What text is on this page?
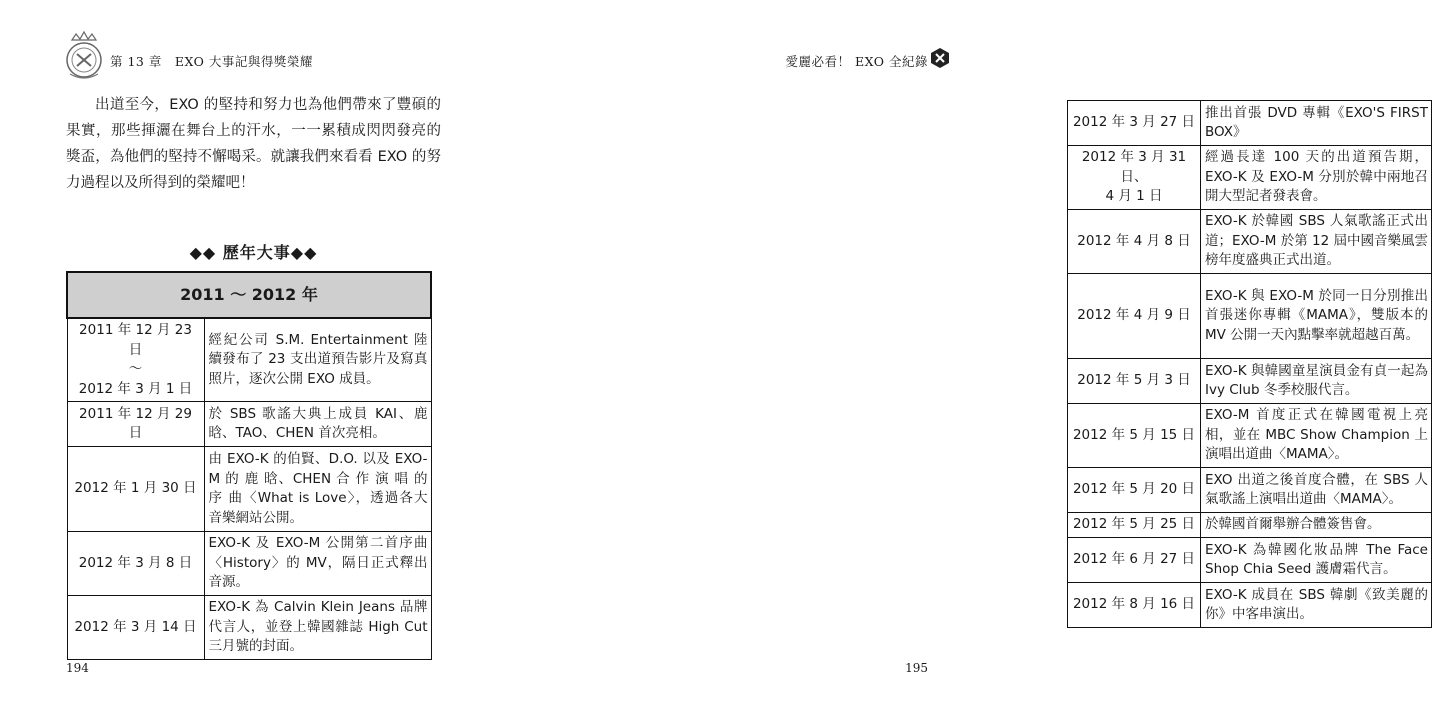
第 13 章　EXO 大事記與得獎榮耀
出道至今，EXO 的堅持和努力也為他們帶來了豐碩的果實，那些揮灑在舞台上的汗水，一一累積成閃閃發亮的獎盃，為他們的堅持不懈喝采。就讓我們來看看 EXO 的努力過程以及所得到的榮耀吧！
◆◆ 歷年大事◆◆
2011 ～ 2012 年	
2011 年 12 月 23 日
～
2012 年 3 月 1 日	經紀公司 S.M. Entertainment 陸續發布了 23 支出道預告影片及寫真照片，逐次公開 EXO 成員。
2011 年 12 月 29 日	於 SBS 歌謠大典上成員 KAI、鹿晗、TAO、CHEN 首次亮相。
2012 年 1 月 30 日	由 EXO-K 的伯賢、D.O. 以及 EXO-M 的 鹿 晗、CHEN 合 作 演 唱 的 序 曲〈What is Love〉，透過各大音樂網站公開。
2012 年 3 月 8 日	EXO-K 及 EXO-M 公開第二首序曲〈History〉的 MV，隔日正式釋出音源。
2012 年 3 月 14 日	EXO-K 為 Calvin Klein Jeans 品牌代言人，並登上韓國雜誌 High Cut 三月號的封面。
194
愛麗必看！ EXO 全紀錄
2012 年 3 月 27 日	推出首張 DVD 專輯《EXO'S FIRST BOX》
2012 年 3 月 31 日、
4 月 1 日	經過長達 100 天的出道預告期，EXO-K 及 EXO-M 分別於韓中兩地召開大型記者發表會。
2012 年 4 月 8 日	EXO-K 於韓國 SBS 人氣歌謠正式出道；EXO-M 於第 12 屆中國音樂風雲榜年度盛典正式出道。
2012 年 4 月 9 日	EXO-K 與 EXO-M 於同一日分別推出首張迷你專輯《MAMA》，雙版本的 MV 公開一天內點擊率就超越百萬。
2012 年 5 月 3 日	EXO-K 與韓國童星演員金有貞一起為 Ivy Club 冬季校服代言。
2012 年 5 月 15 日	EXO-M 首度正式在韓國電視上亮相，並在 MBC Show Champion 上演唱出道曲〈MAMA〉。
2012 年 5 月 20 日	EXO 出道之後首度合體，在 SBS 人氣歌謠上演唱出道曲〈MAMA〉。
2012 年 5 月 25 日	於韓國首爾舉辦合體簽售會。
2012 年 6 月 27 日	EXO-K 為韓國化妝品牌 The Face Shop Chia Seed 護膚霜代言。
2012 年 8 月 16 日	EXO-K 成員在 SBS 韓劇《致美麗的你》中客串演出。
195
